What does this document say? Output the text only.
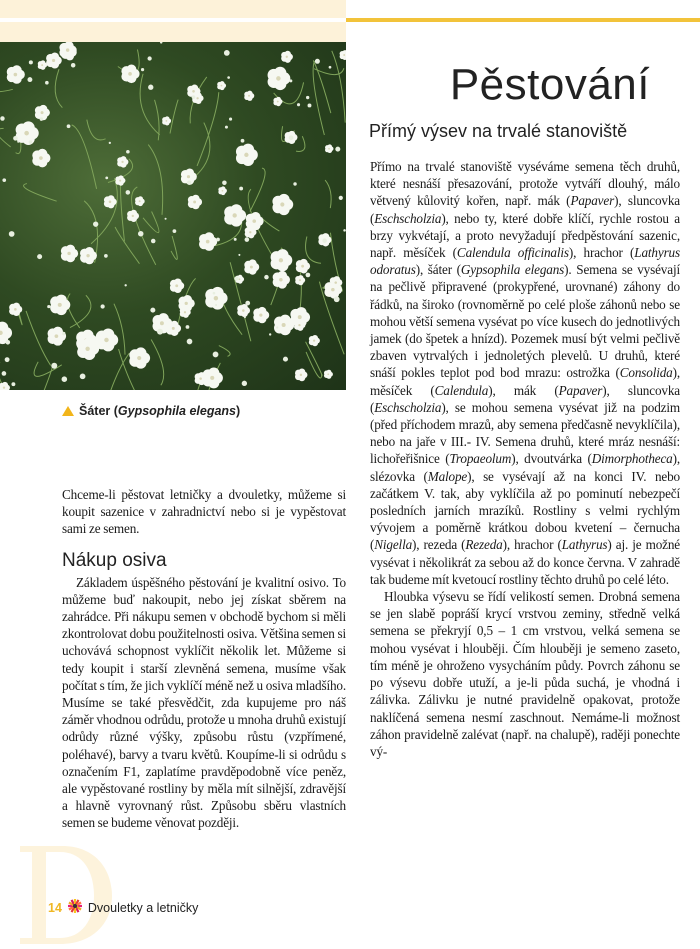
Šáter (Gypsophila elegans)
Pěstování
Přímý výsev na trvalé stanoviště

Chceme-li pěstovat letničky a dvouletky, můžeme si koupit sazenice v zahradnictví nebo si je vypěstovat sami ze semen.

Nákup osiva

Základem úspěšného pěstování je kvalitní osivo. To můžeme buď nakoupit, nebo jej získat sběrem na zahrádce. Při nákupu semen v obchodě bychom si měli zkontrolovat dobu použitelnosti osiva. Většina semen si uchovává schopnost vyklíčit několik let. Můžeme si tedy koupit i starší zlevněná semena, musíme však počítat s tím, že jich vyklíčí méně než u osiva mladšího. Musíme se také přesvědčit, zda kupujeme pro náš záměr vhodnou odrůdu, protože u mnoha druhů existují odrůdy různé výšky, způsobu růstu (vzpřímené, poléhavé), barvy a tvaru květů. Koupíme-li si odrůdu s označením F1, zaplatíme pravděpodobně více peněz, ale vypěstované rostliny by měla mít silnější, zdravější a hlavně vyrovnaný růst. Způsobu sběru vlastních semen se budeme věnovat později.

Přímo na trvalé stanoviště vyséváme semena těch druhů, které nesnáší přesazování, protože vytváří dlouhý, málo větvený kůlovitý kořen, např. mák (Papaver), sluncovka (Eschscholzia), nebo ty, které dobře klíčí, rychle rostou a brzy vykvétají, a proto nevyžadují předpěstování sazenic, např. měsíček (Calendula officinalis), hrachor (Lathyrus odoratus), šáter (Gypsophila elegans). Semena se vysévají na pečlivě připravené (prokypřené, urovnané) záhony do řádků, na široko (rovnoměrně po celé ploše záhonů nebo se mohou větší semena vysévat po více kusech do jednotlivých jamek (do špetek a hnízd). Pozemek musí být velmi pečlivě zbaven vytrvalých i jednoletých plevelů. U druhů, které snáší pokles teplot pod bod mrazu: ostrožka (Consolida), měsíček (Calendula), mák (Papaver), sluncovka (Eschscholzia), se mohou semena vysévat již na podzim (před příchodem mrazů, aby semena předčasně nevyklíčila), nebo na jaře v III.- IV. Semena druhů, které mráz nesnáší: lichořeřišnice (Tropaeolum), dvoutvárka (Dimorphotheca), slézovka (Malope), se vysévají až na konci IV. nebo začátkem V. tak, aby vyklíčila až po pominutí nebezpečí posledních jarních mrazíků. Rostliny s velmi rychlým vývojem a poměrně krátkou dobou kvetení – černucha (Nigella), rezeda (Rezeda), hrachor (Lathyrus) aj. je možné vysévat i několikrát za sebou až do konce června. V zahradě tak budeme mít kvetoucí rostliny těchto druhů po celé léto.

Hloubka výsevu se řídí velikostí semen. Drobná semena se jen slabě popráší krycí vrstvou zeminy, středně velká semena se překryjí 0,5 – 1 cm vrstvou, velká semena se mohou vysévat i hlouběji. Čím hlouběji je semeno zaseto, tím méně je ohroženo vysycháním půdy. Povrch záhonu se po výsevu dobře utuží, a je-li půda suchá, je vhodná i zálivka. Zálivku je nutné pravidelně opakovat, protože naklíčená semena nesmí zaschnout. Nemáme-li možnost záhon pravidelně zalévat (např. na chalupě), raději ponechte vý-

14 Dvouletky a letničky
